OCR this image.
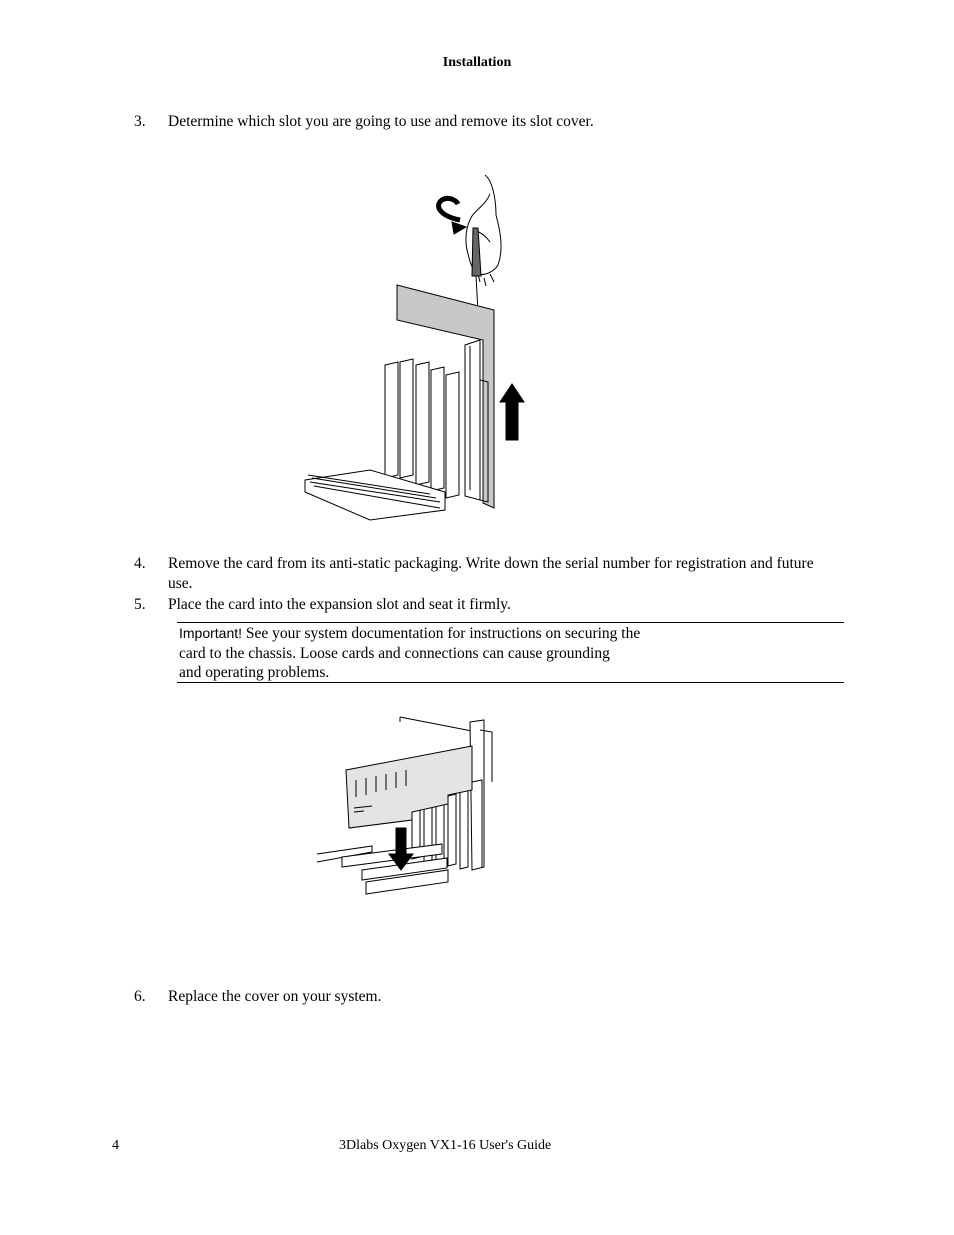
Installation
3.	Determine which slot you are going to use and remove its slot cover.
4.	Remove the card from its anti-static packaging. Write down the serial number for registration and future use.
5.	Place the card into the expansion slot and seat it firmly.
Important! See your system documentation for instructions on securing the
card to the chassis. Loose cards and connections can cause grounding
and operating problems.
6.	Replace the cover on your system.
4	3Dlabs Oxygen VX1-16 User's Guide
